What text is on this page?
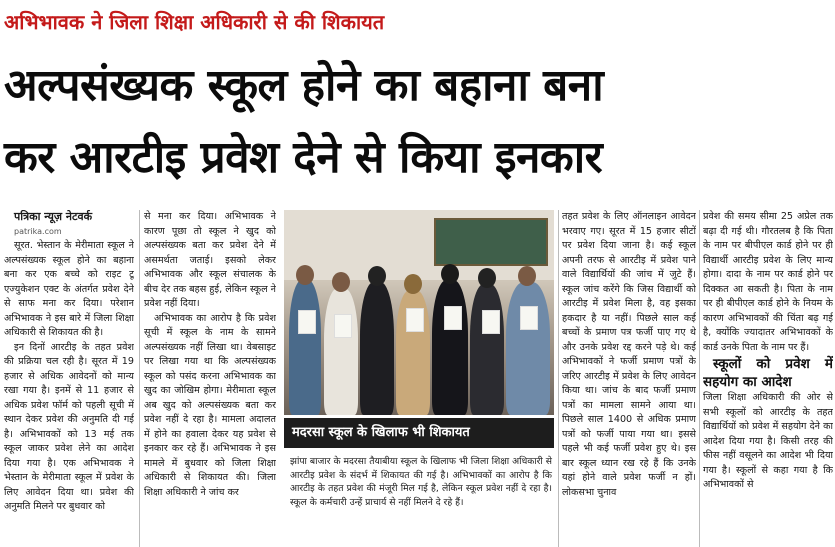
अभिभावक ने जिला शिक्षा अधिकारी से की शिकायत
अल्पसंख्यक स्कूल होने का बहाना बना
कर आरटीइ प्रवेश देने से किया इनकार

पत्रिका न्यूज़ नेटवर्क

patrika.com

सूरत. भेस्तान के मेरीमाता स्कूल ने अल्पसंख्यक स्कूल होने का बहाना बना कर एक बच्चे को राइट टू एज्युकेशन एक्ट के अंतर्गत प्रवेश देने से साफ मना कर दिया। परेशान अभिभावक ने इस बारे में जिला शिक्षा अधिकारी से शिकायत की है।

इन दिनों आरटीइ के तहत प्रवेश की प्रक्रिया चल रही है। सूरत में 19 हजार से अधिक आवेदनों को मान्य रखा गया है। इनमें से 11 हजार से अधिक प्रवेश फॉर्म को पहली सूची में स्थान देकर प्रवेश की अनुमति दी गई है। अभिभावकों को 13 मई तक स्कूल जाकर प्रवेश लेने का आदेश दिया गया है। एक अभिभावक ने भेस्तान के मेरीमाता स्कूल में प्रवेश के लिए आवेदन दिया था। प्रवेश की अनुमति मिलने पर बुधवार को

से मना कर दिया। अभिभावक ने कारण पूछा तो स्कूल ने खुद को अल्पसंख्यक बता कर प्रवेश देने में असमर्थता जताई। इसको लेकर अभिभावक और स्कूल संचालक के बीच देर तक बहस हुई, लेकिन स्कूल ने प्रवेश नहीं दिया।

अभिभावक का आरोप है कि प्रवेश सूची में स्कूल के नाम के सामने अल्पसंख्यक नहीं लिखा था। वेबसाइट पर लिखा गया था कि अल्पसंख्यक स्कूल को पसंद करना अभिभावक का खुद का जोखिम होगा। मेरीमाता स्कूल अब खुद को अल्पसंख्यक बता कर प्रवेश नहीं दे रहा है। मामला अदालत में होने का हवाला देकर यह प्रवेश से इनकार कर रहे हैं। अभिभावक ने इस मामले में बुधवार को जिला शिक्षा अधिकारी से शिकायत की। जिला शिक्षा अधिकारी ने जांच कर

मदरसा स्कूल के खिलाफ भी शिकायत
झांपा बाजार के मदरसा तैयाबीया स्कूल के खिलाफ भी जिला शिक्षा अधिकारी से आरटीइ प्रवेश के संदर्भ में शिकायत की गई है। अभिभावकों का आरोप है कि आरटीइ के तहत प्रवेश की मंजूरी मिल गई है, लेकिन स्कूल प्रवेश नहीं दे रहा है। स्कूल के कर्मचारी उन्हें प्राचार्य से नहीं मिलने दे रहे हैं।

तहत प्रवेश के लिए ऑनलाइन आवेदन भरवाए गए। सूरत में 15 हजार सीटों पर प्रवेश दिया जाना है। कई स्कूल अपनी तरफ से आरटीइ में प्रवेश पाने वाले विद्यार्थियों की जांच में जुटे हैं। स्कूल जांच करेंगे कि जिस विद्यार्थी को आरटीइ में प्रवेश मिला है, वह इसका हकदार है या नहीं। पिछले साल कई बच्चों के प्रमाण पत्र फर्जी पाए गए थे और उनके प्रवेश रद्द करने पड़े थे। कई अभिभावकों ने फर्जी प्रमाण पत्रों के जरिए आरटीइ में प्रवेश के लिए आवेदन किया था। जांच के बाद फर्जी प्रमाण पत्रों का मामला सामने आया था। पिछले साल 1400 से अधिक प्रमाण पत्रों को फर्जी पाया गया था। इससे पहले भी कई फर्जी प्रवेश हुए थे। इस बार स्कूल ध्यान रख रहे हैं कि उनके यहां होने वाले प्रवेश फर्जी न हों। लोकसभा चुनाव

प्रवेश की समय सीमा 25 अप्रेल तक बढ़ा दी गई थी। गौरतलब है कि पिता के नाम पर बीपीएल कार्ड होने पर ही विद्यार्थी आरटीइ प्रवेश के लिए मान्य होगा। दादा के नाम पर कार्ड होने पर दिक्कत आ सकती है। पिता के नाम पर ही बीपीएल कार्ड होने के नियम के कारण अभिभावकों की चिंता बढ़ गई है, क्योंकि ज्यादातर अभिभावकों के कार्ड उनके पिता के नाम पर हैं।

स्कूलों को प्रवेश में सहयोग का आदेश

जिला शिक्षा अधिकारी की ओर से सभी स्कूलों को आरटीइ के तहत विद्यार्थियों को प्रवेश में सहयोग देने का आदेश दिया गया है। किसी तरह की फीस नहीं वसूलने का आदेश भी दिया गया है। स्कूलों से कहा गया है कि अभिभावकों से
